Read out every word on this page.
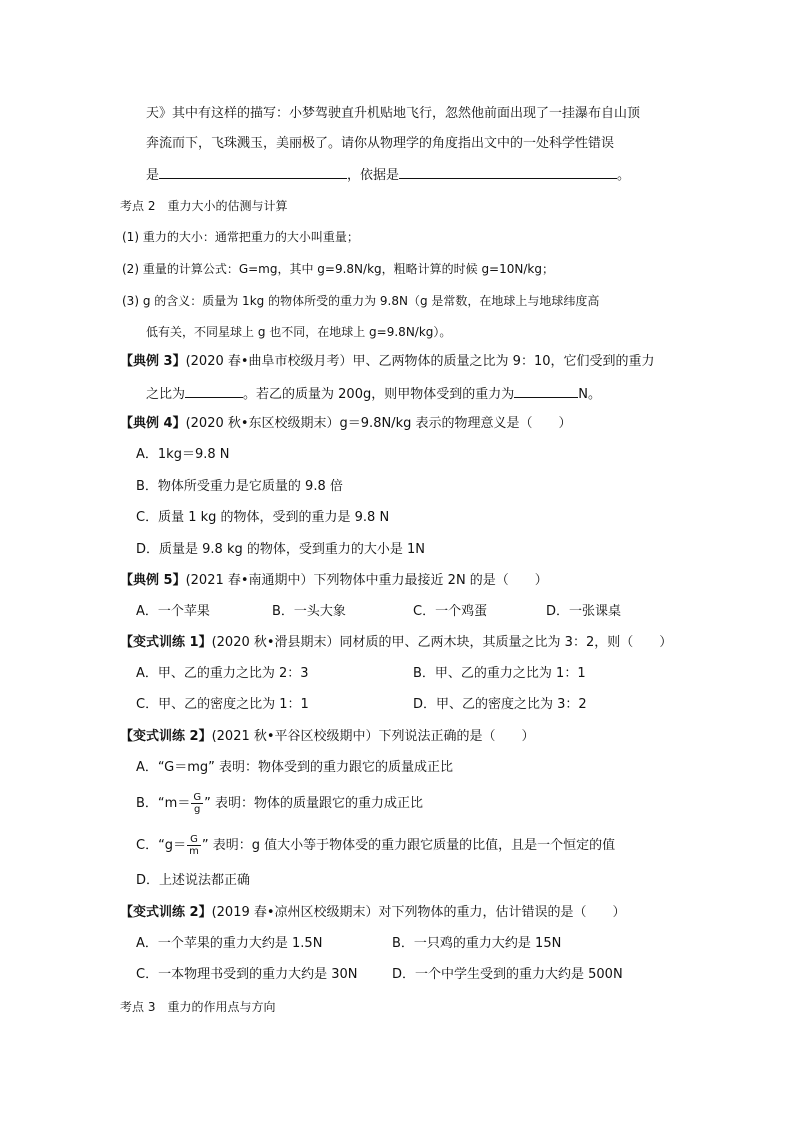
天》其中有这样的描写：小梦驾驶直升机贴地飞行，忽然他前面出现了一挂瀑布自山顶
奔流而下，飞珠溅玉，美丽极了。请你从物理学的角度指出文中的一处科学性错误
是	，依据是	。
考点 2　重力大小的估测与计算
(1) 重力的大小：通常把重力的大小叫重量；
(2) 重量的计算公式：G=mg，其中 g=9.8N/kg，粗略计算的时候 g=10N/kg；
(3) g 的含义：质量为 1kg 的物体所受的重力为 9.8N（g 是常数，在地球上与地球纬度高
低有关，不同星球上 g 也不同，在地球上 g=9.8N/kg）。
【典例 3】(2020 春•曲阜市校级月考）甲、乙两物体的质量之比为 9：10，它们受到的重力
之比为	。若乙的质量为 200g，则甲物体受到的重力为	N。
【典例 4】(2020 秋•东区校级期末）g＝9.8N/kg 表示的物理意义是（　　）
A．1kg＝9.8 N
B．物体所受重力是它质量的 9.8 倍
C．质量 1 kg 的物体，受到的重力是 9.8 N
D．质量是 9.8 kg 的物体，受到重力的大小是 1N
【典例 5】(2021 春•南通期中）下列物体中重力最接近 2N 的是（　　）
A．一个苹果	B．一头大象	C．一个鸡蛋	D．一张课桌
【变式训练 1】(2020 秋•滑县期末）同材质的甲、乙两木块，其质量之比为 3：2，则（　　）
A．甲、乙的重力之比为 2：3	B．甲、乙的重力之比为 1：1
C．甲、乙的密度之比为 1：1	D．甲、乙的密度之比为 3：2
【变式训练 2】(2021 秋•平谷区校级期中）下列说法正确的是（　　）
A．“G＝mg” 表明：物体受到的重力跟它的质量成正比
B．“$m= \frac{G}{g}$ ” 表明：物体的质量跟它的重力成正比
C．“$g= \frac{G}{m}$ ” 表明：g 值大小等于物体受的重力跟它质量的比值，且是一个恒定的值
D．上述说法都正确
【变式训练 2】(2019 春•凉州区校级期末）对下列物体的重力，估计错误的是（　　）
A．一个苹果的重力大约是 1.5N	B．一只鸡的重力大约是 15N
C．一本物理书受到的重力大约是 30N	D．一个中学生受到的重力大约是 500N
考点 3　重力的作用点与方向
